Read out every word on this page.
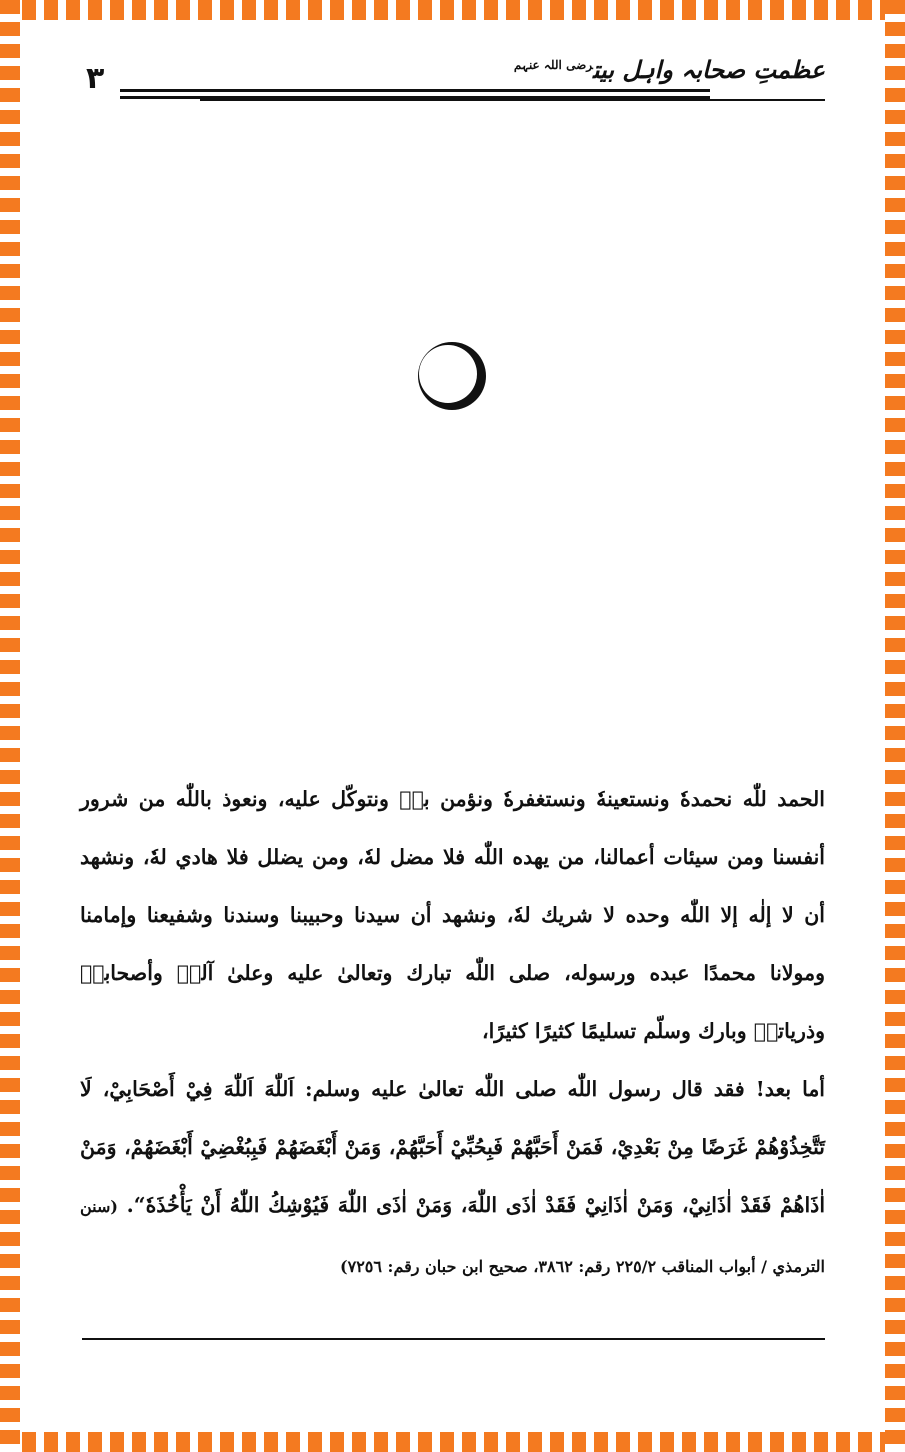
٣	عظمتِ صحابہ واہل بیت$^{رضی اللہ عنہم}$

الحمد للّٰه نحمدهٗ ونستعينهٗ ونستغفرهٗ ونؤمن بهٖ ونتوكّل عليه، ونعوذ باللّٰه من شرور أنفسنا ومن سيئات أعمالنا، من يهده اللّٰه فلا مضل لهٗ، ومن يضلل فلا هادي لهٗ، ونشهد أن لا إلٰه إلا اللّٰه وحده لا شريك لهٗ، ونشهد أن سيدنا وحبيبنا وسندنا وشفيعنا وإمامنا ومولانا محمدًا عبده ورسوله، صلى اللّٰه تبارك وتعالىٰ عليه وعلىٰ آلهٖ وأصحابهٖ وذرياتهٖ وبارك وسلّم تسليمًا كثيرًا كثيرًا،

أما بعد! فقد قال رسول اللّٰه صلى اللّٰه تعالىٰ عليه وسلم: اَللّٰهَ اَللّٰهَ فِيْ أَصْحَابِيْ، لَا تَتَّخِذُوْهُمْ غَرَضًا مِنْ بَعْدِيْ، فَمَنْ أَحَبَّهُمْ فَبِحُبِّيْ أَحَبَّهُمْ، وَمَنْ أَبْغَضَهُمْ فَبِبُغْضِيْ أَبْغَضَهُمْ، وَمَنْ اٰذَاهُمْ فَقَدْ اٰذَانِيْ، وَمَنْ اٰذَانِيْ فَقَدْ اٰذَى اللّٰهَ، وَمَنْ اٰذَى اللّٰهَ فَيُوْشِكُ اللّٰهُ أَنْ يَأْخُذَهٗ“. (سنن الترمذي / أبواب المناقب ٢٢٥/٢ رقم: ٣٨٦٢، صحيح ابن حبان رقم: ٧٢٥٦)
